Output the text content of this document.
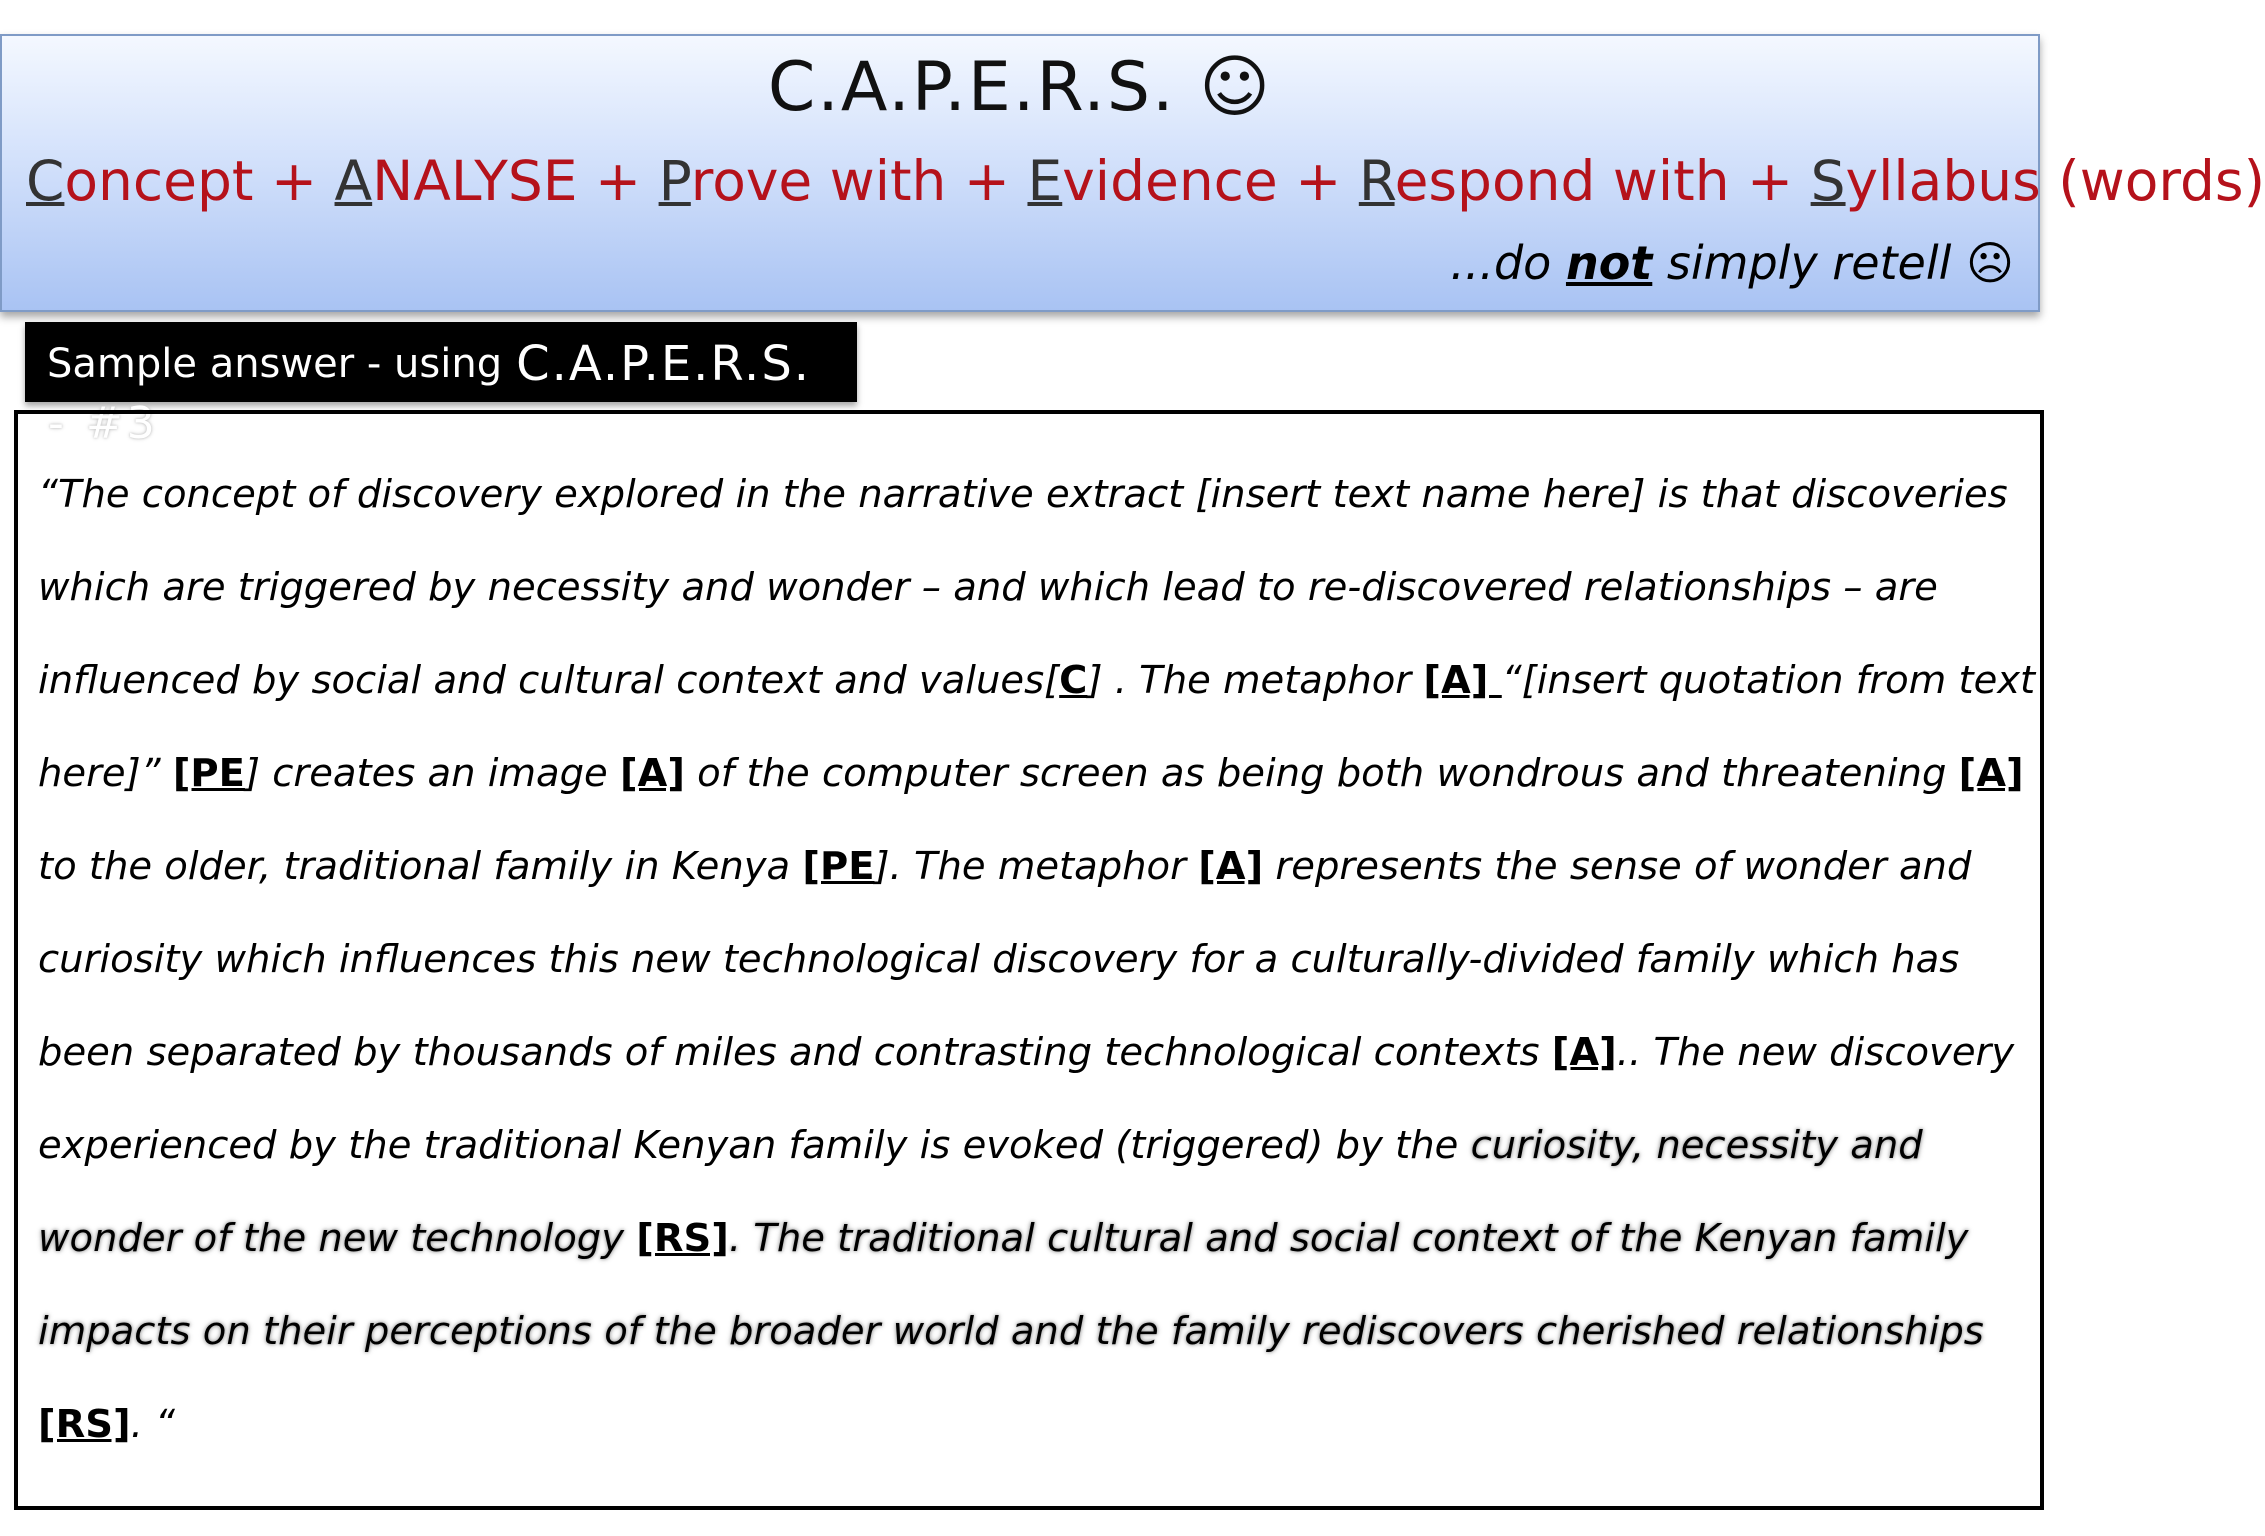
C.A.P.E.R.S. ☺
Concept + ANALYSE + Prove with + Evidence + Respond with + Syllabus (words)
...do not simply retell ☹
Sample answer - using C.A.P.E.R.S.
- #3
“The concept of discovery explored in the narrative extract [insert text name here] is that discoveries which are triggered by necessity and wonder – and which lead to re-discovered relationships – are influenced by social and cultural context and values[C] . The metaphor [A] “[insert quotation from text here]” [PE] creates an image [A] of the computer screen as being both wondrous and threatening [A] to the older, traditional family in Kenya [PE]. The metaphor [A] represents the sense of wonder and curiosity which influences this new technological discovery for a culturally-divided family which has been separated by thousands of miles and contrasting technological contexts [A].. The new discovery experienced by the traditional Kenyan family is evoked (triggered) by the curiosity, necessity and wonder of the new technology [RS]. The traditional cultural and social context of the Kenyan family impacts on their perceptions of the broader world and the family rediscovers cherished relationships [RS]. “
